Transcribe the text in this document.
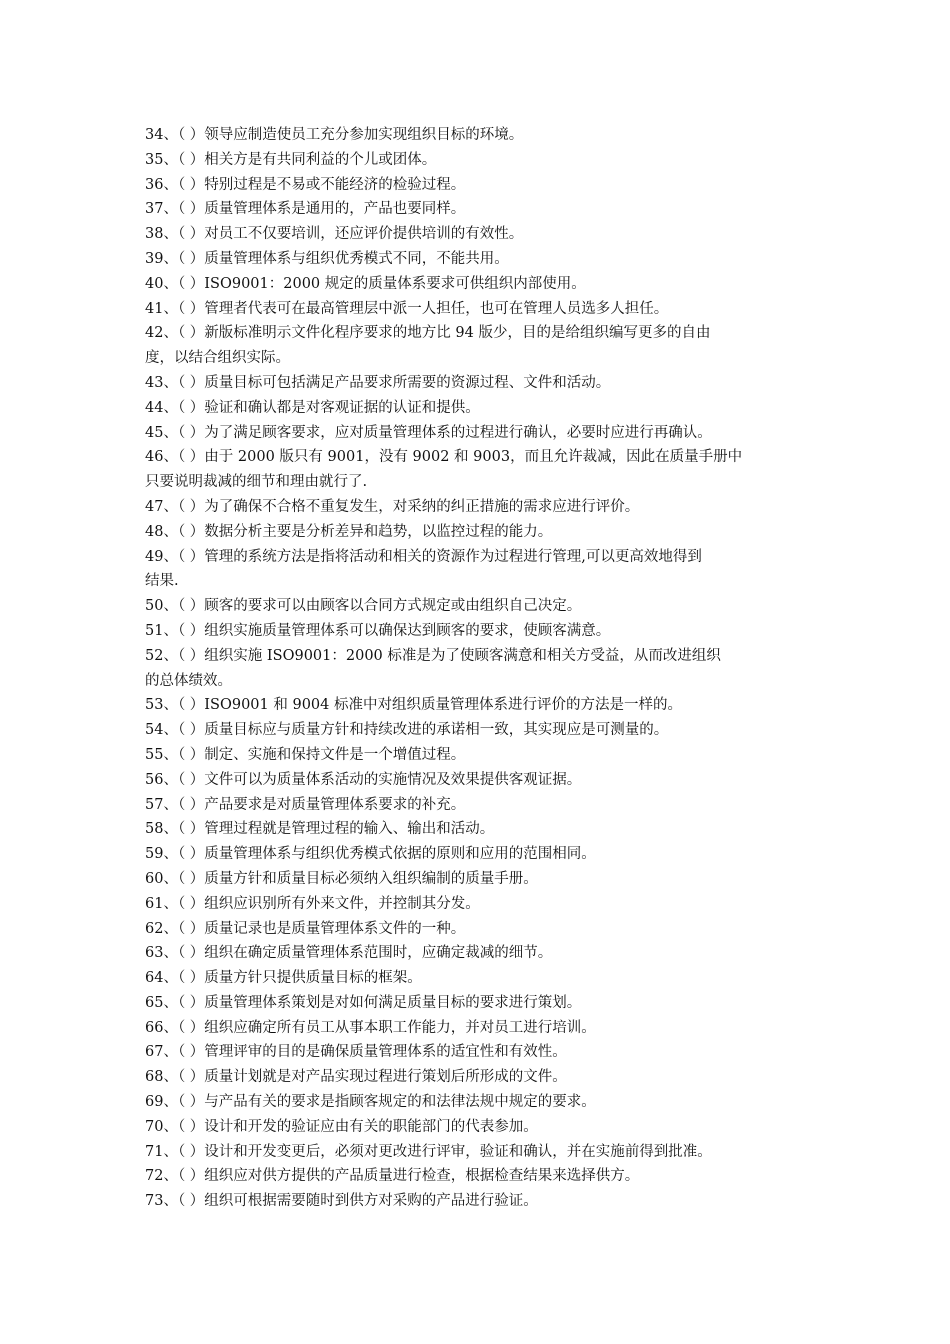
34、（ ）领导应制造使员工充分参加实现组织目标的环境。
35、（ ）相关方是有共同利益的个儿或团体。
36、（ ）特别过程是不易或不能经济的检验过程。
37、（ ）质量管理体系是通用的，产品也要同样。
38、（ ）对员工不仅要培训，还应评价提供培训的有效性。
39、（ ）质量管理体系与组织优秀模式不同，不能共用。
40、（ ）ISO9001：2000 规定的质量体系要求可供组织内部使用。
41、（ ）管理者代表可在最高管理层中派一人担任，也可在管理人员选多人担任。
42、（ ）新版标准明示文件化程序要求的地方比 94 版少，目的是给组织编写更多的自由
度，以结合组织实际。
43、（ ）质量目标可包括满足产品要求所需要的资源过程、文件和活动。
44、（ ）验证和确认都是对客观证据的认证和提供。
45、（ ）为了满足顾客要求，应对质量管理体系的过程进行确认，必要时应进行再确认。
46、（ ）由于 2000 版只有 9001，没有 9002 和 9003，而且允许裁减，因此在质量手册中
只要说明裁减的细节和理由就行了.
47、（ ）为了确保不合格不重复发生，对采纳的纠正措施的需求应进行评价。
48、（ ）数据分析主要是分析差异和趋势，以监控过程的能力。
49、（ ）管理的系统方法是指将活动和相关的资源作为过程进行管理,可以更高效地得到
结果.
50、（ ）顾客的要求可以由顾客以合同方式规定或由组织自己决定。
51、（ ）组织实施质量管理体系可以确保达到顾客的要求，使顾客满意。
52、（ ）组织实施 ISO9001：2000 标准是为了使顾客满意和相关方受益，从而改进组织
的总体绩效。
53、（ ）ISO9001 和 9004 标准中对组织质量管理体系进行评价的方法是一样的。
54、（ ）质量目标应与质量方针和持续改进的承诺相一致，其实现应是可测量的。
55、（ ）制定、实施和保持文件是一个增值过程。
56、（ ）文件可以为质量体系活动的实施情况及效果提供客观证据。
57、（ ）产品要求是对质量管理体系要求的补充。
58、（ ）管理过程就是管理过程的输入、输出和活动。
59、（ ）质量管理体系与组织优秀模式依据的原则和应用的范围相同。
60、（ ）质量方针和质量目标必须纳入组织编制的质量手册。
61、（ ）组织应识别所有外来文件，并控制其分发。
62、（ ）质量记录也是质量管理体系文件的一种。
63、（ ）组织在确定质量管理体系范围时，应确定裁减的细节。
64、（ ）质量方针只提供质量目标的框架。
65、（ ）质量管理体系策划是对如何满足质量目标的要求进行策划。
66、（ ）组织应确定所有员工从事本职工作能力，并对员工进行培训。
67、（ ）管理评审的目的是确保质量管理体系的适宜性和有效性。
68、（ ）质量计划就是对产品实现过程进行策划后所形成的文件。
69、（ ）与产品有关的要求是指顾客规定的和法律法规中规定的要求。
70、（ ）设计和开发的验证应由有关的职能部门的代表参加。
71、（ ）设计和开发变更后，必须对更改进行评审，验证和确认，并在实施前得到批准。
72、（ ）组织应对供方提供的产品质量进行检查，根据检查结果来选择供方。
73、（ ）组织可根据需要随时到供方对采购的产品进行验证。
